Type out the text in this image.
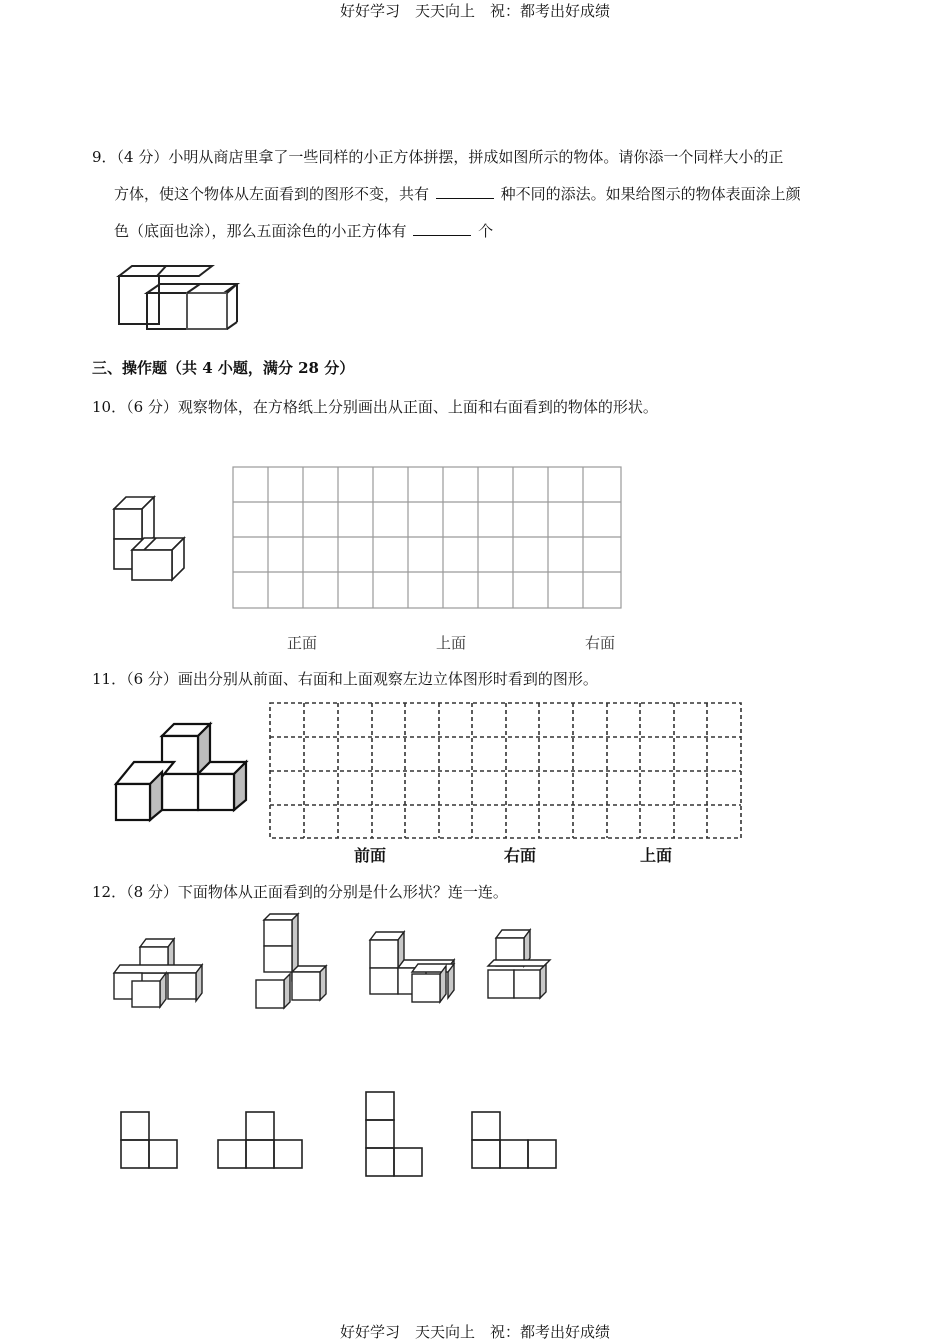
好好学习　天天向上　祝：都考出好成绩
9．（4 分）小明从商店里拿了一些同样的小正方体拼摆，拼成如图所示的物体。请你添一个同样大小的正
方体，使这个物体从左面看到的图形不变，共有	种不同的添法。如果给图示的物体表面涂上颜
色（底面也涂），那么五面涂色的小正方体有	个
三、操作题（共 4 小题，满分 28 分）
10．（6 分）观察物体，在方格纸上分别画出从正面、上面和右面看到的物体的形状。
正面	上面	右面
11．（6 分）画出分别从前面、右面和上面观察左边立体图形时看到的图形。
前面	右面	上面
12．（8 分）下面物体从正面看到的分别是什么形状？连一连。
好好学习　天天向上　祝：都考出好成绩
